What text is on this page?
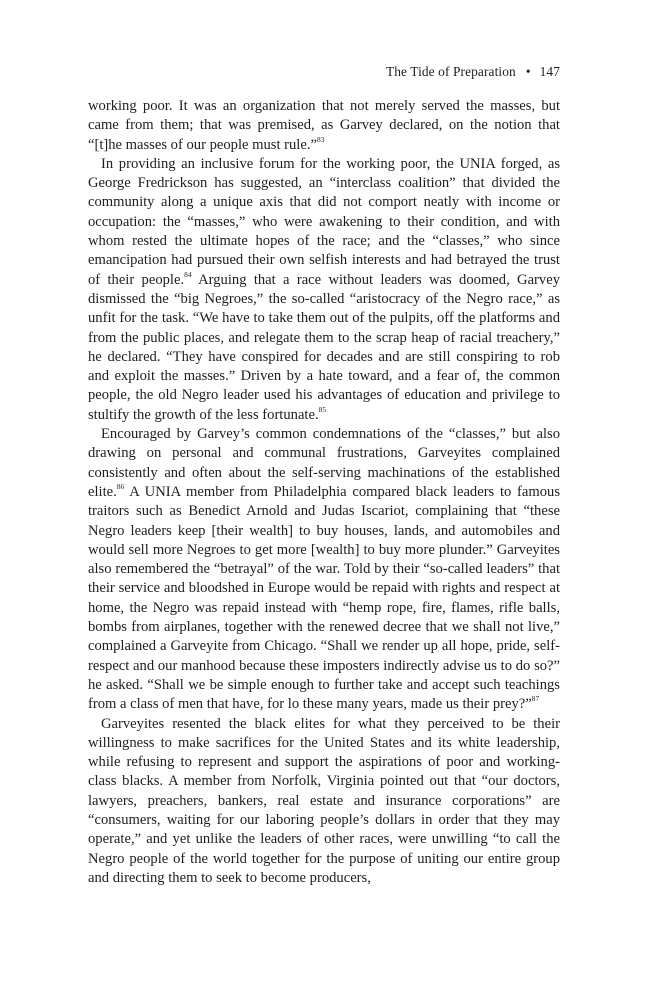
The Tide of Preparation • 147

working poor. It was an organization that not merely served the masses, but came from them; that was premised, as Garvey declared, on the notion that “[t]he masses of our people must rule.”$^{83}$

In providing an inclusive forum for the working poor, the UNIA forged, as George Fredrickson has suggested, an “interclass coalition” that divided the community along a unique axis that did not comport neatly with income or occupation: the “masses,” who were awakening to their condition, and with whom rested the ultimate hopes of the race; and the “classes,” who since emancipation had pursued their own selfish interests and had betrayed the trust of their people.$^{84}$ Arguing that a race without leaders was doomed, Garvey dismissed the “big Negroes,” the so-called “aristocracy of the Negro race,” as unfit for the task. “We have to take them out of the pulpits, off the platforms and from the public places, and relegate them to the scrap heap of racial treachery,” he declared. “They have conspired for decades and are still conspiring to rob and exploit the masses.” Driven by a hate toward, and a fear of, the common people, the old Negro leader used his advantages of education and privilege to stultify the growth of the less fortunate.$^{85}$

Encouraged by Garvey’s common condemnations of the “classes,” but also drawing on personal and communal frustrations, Garveyites complained consistently and often about the self-serving machinations of the established elite.$^{86}$ A UNIA member from Philadelphia compared black leaders to famous traitors such as Benedict Arnold and Judas Iscariot, complaining that “these Negro leaders keep [their wealth] to buy houses, lands, and automobiles and would sell more Negroes to get more [wealth] to buy more plunder.” Garveyites also remembered the “betrayal” of the war. Told by their “so-called leaders” that their service and bloodshed in Europe would be repaid with rights and respect at home, the Negro was repaid instead with “hemp rope, fire, flames, rifle balls, bombs from airplanes, together with the renewed decree that we shall not live,” complained a Garveyite from Chicago. “Shall we render up all hope, pride, self-respect and our manhood because these imposters indirectly advise us to do so?” he asked. “Shall we be simple enough to further take and accept such teachings from a class of men that have, for lo these many years, made us their prey?”$^{87}$

Garveyites resented the black elites for what they perceived to be their willingness to make sacrifices for the United States and its white leadership, while refusing to represent and support the aspirations of poor and working-class blacks. A member from Norfolk, Virginia pointed out that “our doctors, lawyers, preachers, bankers, real estate and insurance corporations” are “consumers, waiting for our laboring people’s dollars in order that they may operate,” and yet unlike the leaders of other races, were unwilling “to call the Negro people of the world together for the purpose of uniting our entire group and directing them to seek to become producers,
